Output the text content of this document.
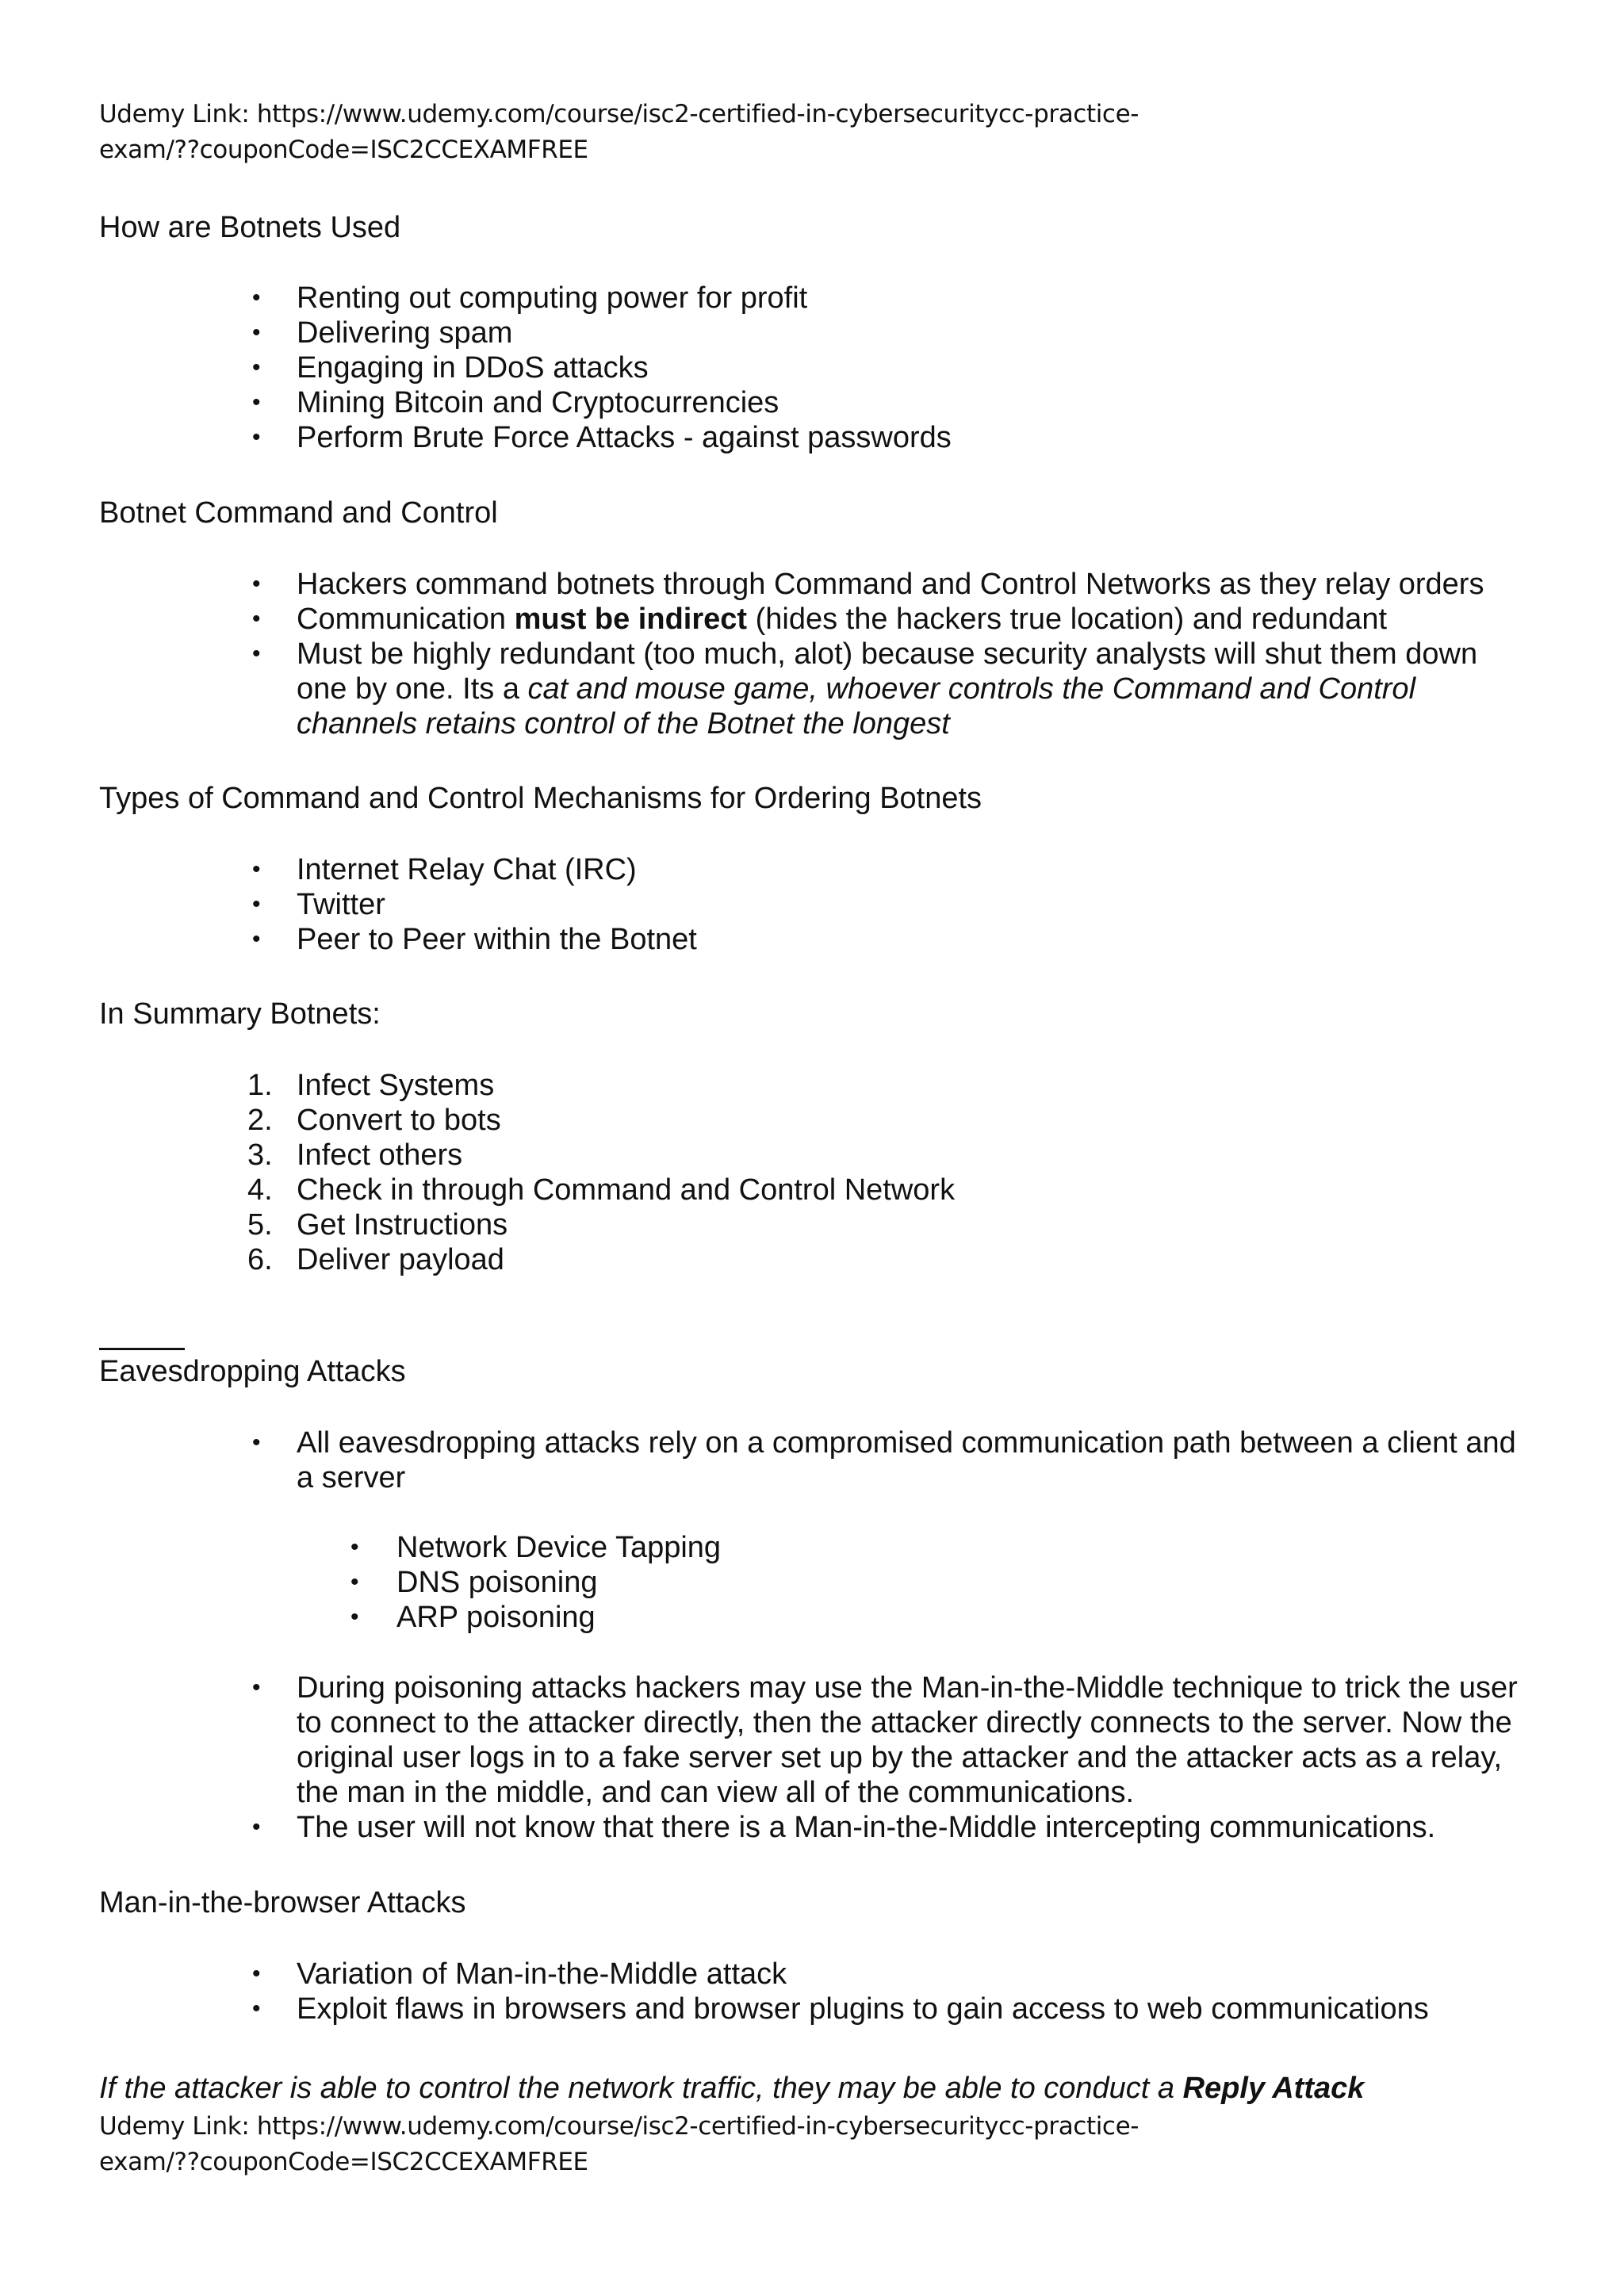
Udemy Link: https://www.udemy.com/course/isc2-certified-in-cybersecuritycc-practice-
exam/??couponCode=ISC2CCEXAMFREE
How are Botnets Used
•	Renting out computing power for profit
•	Delivering spam
•	Engaging in DDoS attacks
•	Mining Bitcoin and Cryptocurrencies
•	Perform Brute Force Attacks - against passwords
Botnet Command and Control
•	Hackers command botnets through Command and Control Networks as they relay orders
•	Communication must be indirect (hides the hackers true location) and redundant
•	Must be highly redundant (too much, alot) because security analysts will shut them down
one by one. Its a cat and mouse game, whoever controls the Command and Control
channels retains control of the Botnet the longest
Types of Command and Control Mechanisms for Ordering Botnets
•	Internet Relay Chat (IRC)
•	Twitter
•	Peer to Peer within the Botnet
In Summary Botnets:
1. Infect Systems
2. Convert to bots
3. Infect others
4. Check in through Command and Control Network
5. Get Instructions
6. Deliver payload
Eavesdropping Attacks
•	All eavesdropping attacks rely on a compromised communication path between a client and
a server
•	Network Device Tapping
•	DNS poisoning
•	ARP poisoning
•	During poisoning attacks hackers may use the Man-in-the-Middle technique to trick the user
to connect to the attacker directly, then the attacker directly connects to the server. Now the
original user logs in to a fake server set up by the attacker and the attacker acts as a relay,
the man in the middle, and can view all of the communications.
•	The user will not know that there is a Man-in-the-Middle intercepting communications.
Man-in-the-browser Attacks
•	Variation of Man-in-the-Middle attack
•	Exploit flaws in browsers and browser plugins to gain access to web communications
If the attacker is able to control the network traffic, they may be able to conduct a Reply Attack
Udemy Link: https://www.udemy.com/course/isc2-certified-in-cybersecuritycc-practice-
exam/??couponCode=ISC2CCEXAMFREE
